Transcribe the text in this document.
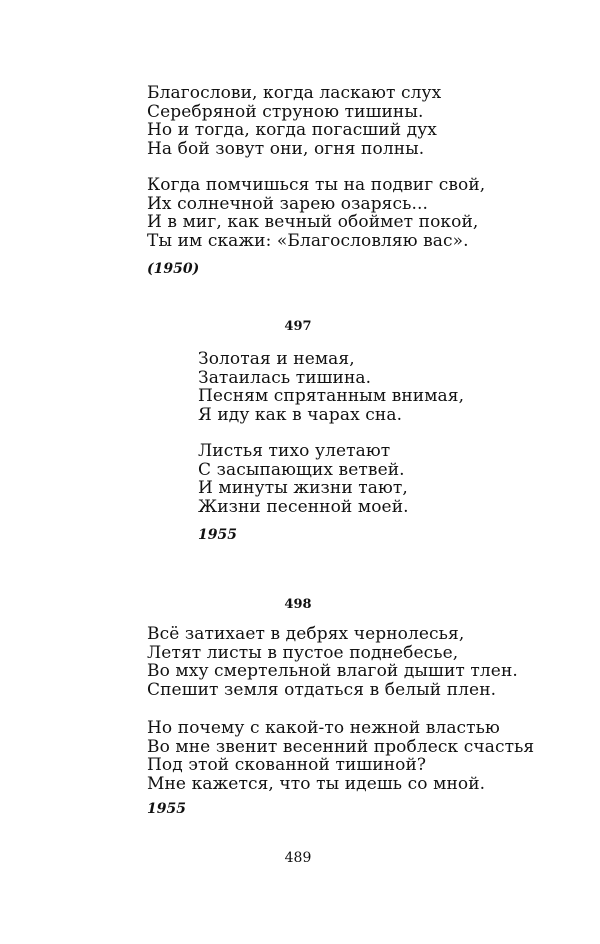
Благослови, когда ласкают слух
Серебряной струною тишины.
Но и тогда, когда погасший дух
На бой зовут они, огня полны.
Когда помчишься ты на подвиг свой,
Их солнечной зарею озарясь...
И в миг, как вечный обоймет покой,
Ты им скажи: «Благословляю вас».
(1950)
497
Золотая и немая,
Затаилась тишина.
Песням спрятанным внимая,
Я иду как в чарах сна.
Листья тихо улетают
С засыпающих ветвей.
И минуты жизни тают,
Жизни песенной моей.
1955
498
Всё затихает в дебрях чернолесья,
Летят листы в пустое поднебесье,
Во мху смертельной влагой дышит тлен.
Спешит земля отдаться в белый плен.
Но почему с какой-то нежной властью
Во мне звенит весенний проблеск счастья
Под этой скованной тишиной?
Мне кажется, что ты идешь со мной.
1955
489
